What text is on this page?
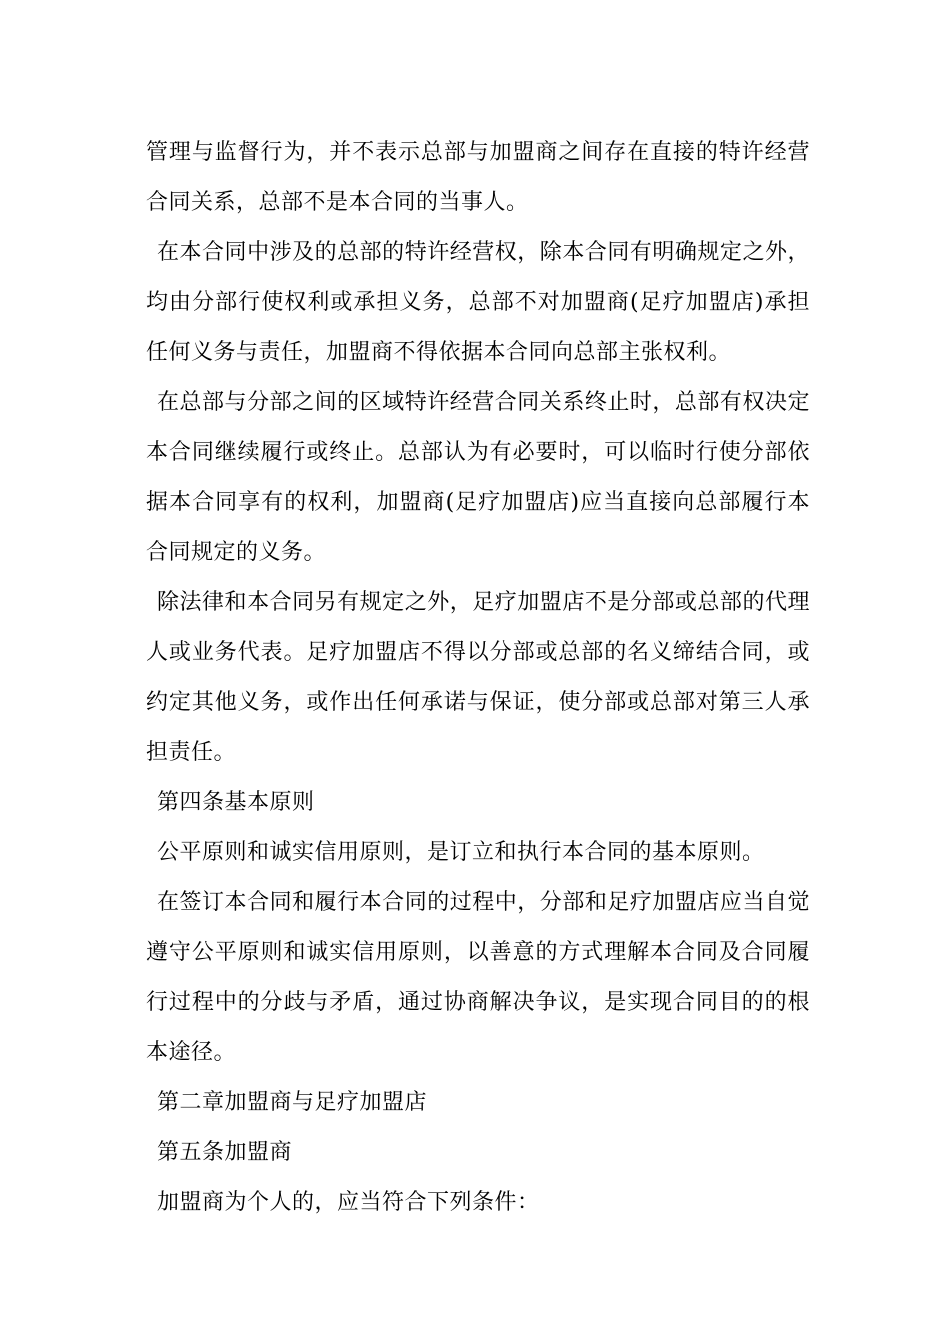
管理与监督行为，并不表示总部与加盟商之间存在直接的特许经营合同关系，总部不是本合同的当事人。

在本合同中涉及的总部的特许经营权，除本合同有明确规定之外，均由分部行使权利或承担义务，总部不对加盟商(足疗加盟店)承担任何义务与责任，加盟商不得依据本合同向总部主张权利。

在总部与分部之间的区域特许经营合同关系终止时，总部有权决定本合同继续履行或终止。总部认为有必要时，可以临时行使分部依据本合同享有的权利，加盟商(足疗加盟店)应当直接向总部履行本合同规定的义务。

除法律和本合同另有规定之外，足疗加盟店不是分部或总部的代理人或业务代表。足疗加盟店不得以分部或总部的名义缔结合同，或约定其他义务，或作出任何承诺与保证，使分部或总部对第三人承担责任。

第四条基本原则

公平原则和诚实信用原则，是订立和执行本合同的基本原则。

在签订本合同和履行本合同的过程中，分部和足疗加盟店应当自觉遵守公平原则和诚实信用原则，以善意的方式理解本合同及合同履行过程中的分歧与矛盾，通过协商解决争议，是实现合同目的的根本途径。

第二章加盟商与足疗加盟店

第五条加盟商

加盟商为个人的，应当符合下列条件：
